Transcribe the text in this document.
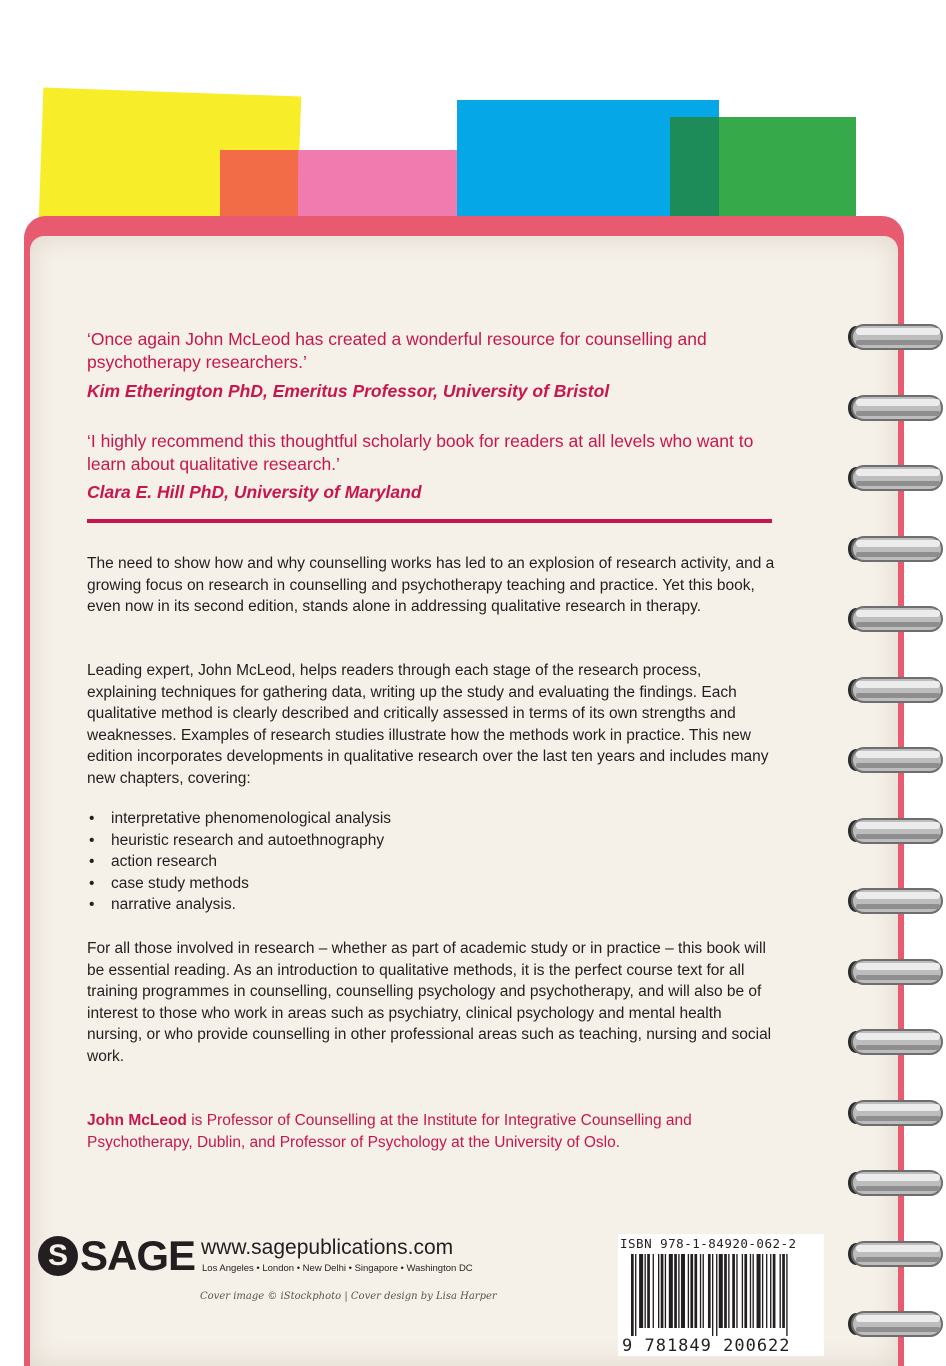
‘Once again John McLeod has created a wonderful resource for counselling and psychotherapy researchers.’
Kim Etherington PhD, Emeritus Professor, University of Bristol
‘I highly recommend this thoughtful scholarly book for readers at all levels who want to learn about qualitative research.’
Clara E. Hill PhD, University of Maryland

The need to show how and why counselling works has led to an explosion of research activity, and a growing focus on research in counselling and psychotherapy teaching and practice. Yet this book, even now in its second edition, stands alone in addressing qualitative research in therapy.

Leading expert, John McLeod, helps readers through each stage of the research process, explaining techniques for gathering data, writing up the study and evaluating the findings. Each qualitative method is clearly described and critically assessed in terms of its own strengths and weaknesses. Examples of research studies illustrate how the methods work in practice. This new edition incorporates developments in qualitative research over the last ten years and includes many new chapters, covering:

• interpretative phenomenological analysis
• heuristic research and autoethnography
• action research
• case study methods
• narrative analysis.

For all those involved in research – whether as part of academic study or in practice – this book will be essential reading. As an introduction to qualitative methods, it is the perfect course text for all training programmes in counselling, counselling psychology and psychotherapy, and will also be of interest to those who work in areas such as psychiatry, clinical psychology and mental health nursing, or who provide counselling in other professional areas such as teaching, nursing and social work.

John McLeod is Professor of Counselling at the Institute for Integrative Counselling and Psychotherapy, Dublin, and Professor of Psychology at the University of Oslo.
S SAGE www.sagepublications.com
Los Angeles • London • New Delhi • Singapore • Washington DC
Cover image © iStockphoto | Cover design by Lisa Harper
ISBN 978-1-84920-062-2
9 781849 200622
